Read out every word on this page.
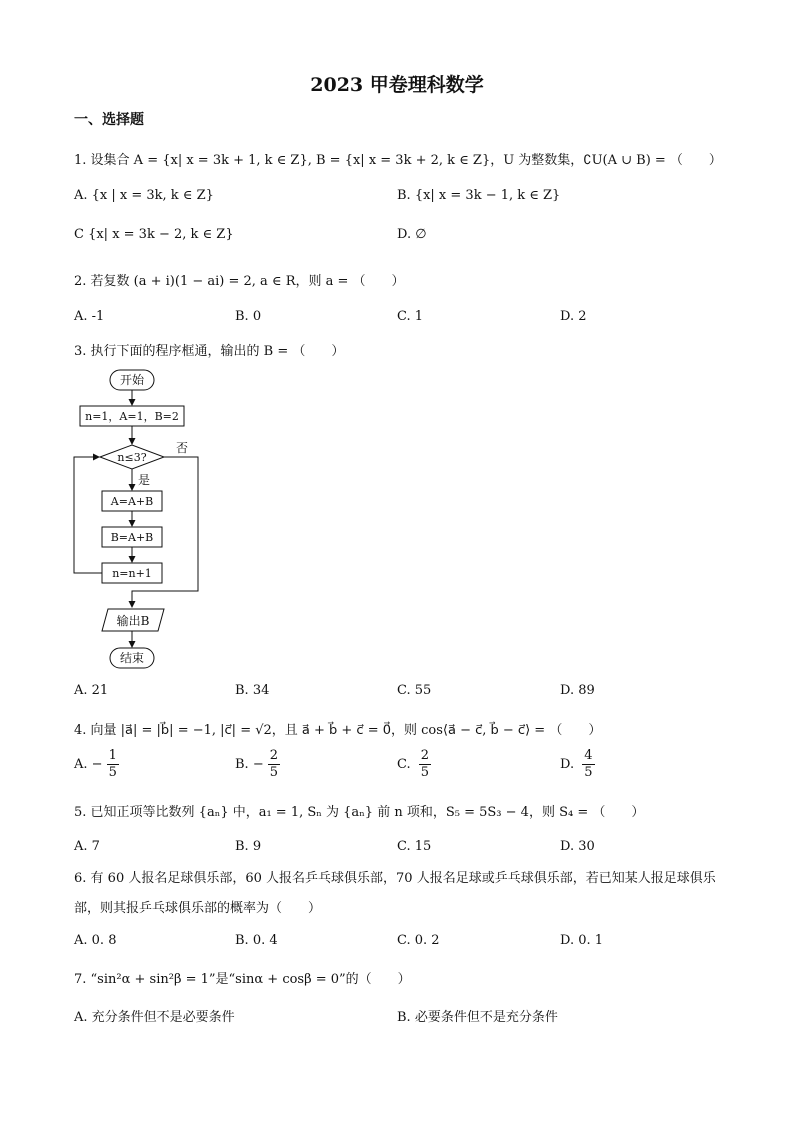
2023 甲卷理科数学
一、选择题
1. 设集合 A = {x| x = 3k + 1, k ∈ Z}, B = {x| x = 3k + 2, k ∈ Z}，U 为整数集，∁U(A ∪ B) = （　　）
A. {x | x = 3k, k ∈ Z}	B. {x| x = 3k − 1, k ∈ Z}
C {x| x = 3k − 2, k ∈ Z}	D. ∅
2. 若复数 (a + i)(1 − ai) = 2, a ∈ R，则 a = （　　）
A. -1	B. 0	C. 1	D. 2
3. 执行下面的程序框通，输出的 B = （　　）
开始
n=1，A=1，B=2
n≤3?
否
是
A=A+B
B=A+B
n=n+1
输出B
结束
A. 21	B. 34	C. 55	D. 89
4. 向量 |a⃗| = |b⃗| = −1, |c⃗| = √2，且 a⃗ + b⃗ + c⃗ = 0⃗，则 cos⟨a⃗ − c⃗, b⃗ − c⃗⟩ = （　　）
A. − $\frac{1}{5}$	B. − $\frac{2}{5}$	C. $\frac{2}{5}$	D. $\frac{4}{5}$
5. 已知正项等比数列 {aₙ} 中，a₁ = 1, Sₙ 为 {aₙ} 前 n 项和，S₅ = 5S₃ − 4，则 S₄ = （　　）
A. 7	B. 9	C. 15	D. 30
6. 有 60 人报名足球俱乐部，60 人报名乒乓球俱乐部，70 人报名足球或乒乓球俱乐部，若已知某人报足球俱乐部，则其报乒乓球俱乐部的概率为（　　）
A. 0. 8	B. 0. 4	C. 0. 2	D. 0. 1
7. “sin²α + sin²β = 1”是“sinα + cosβ = 0”的（　　）
A. 充分条件但不是必要条件	B. 必要条件但不是充分条件
